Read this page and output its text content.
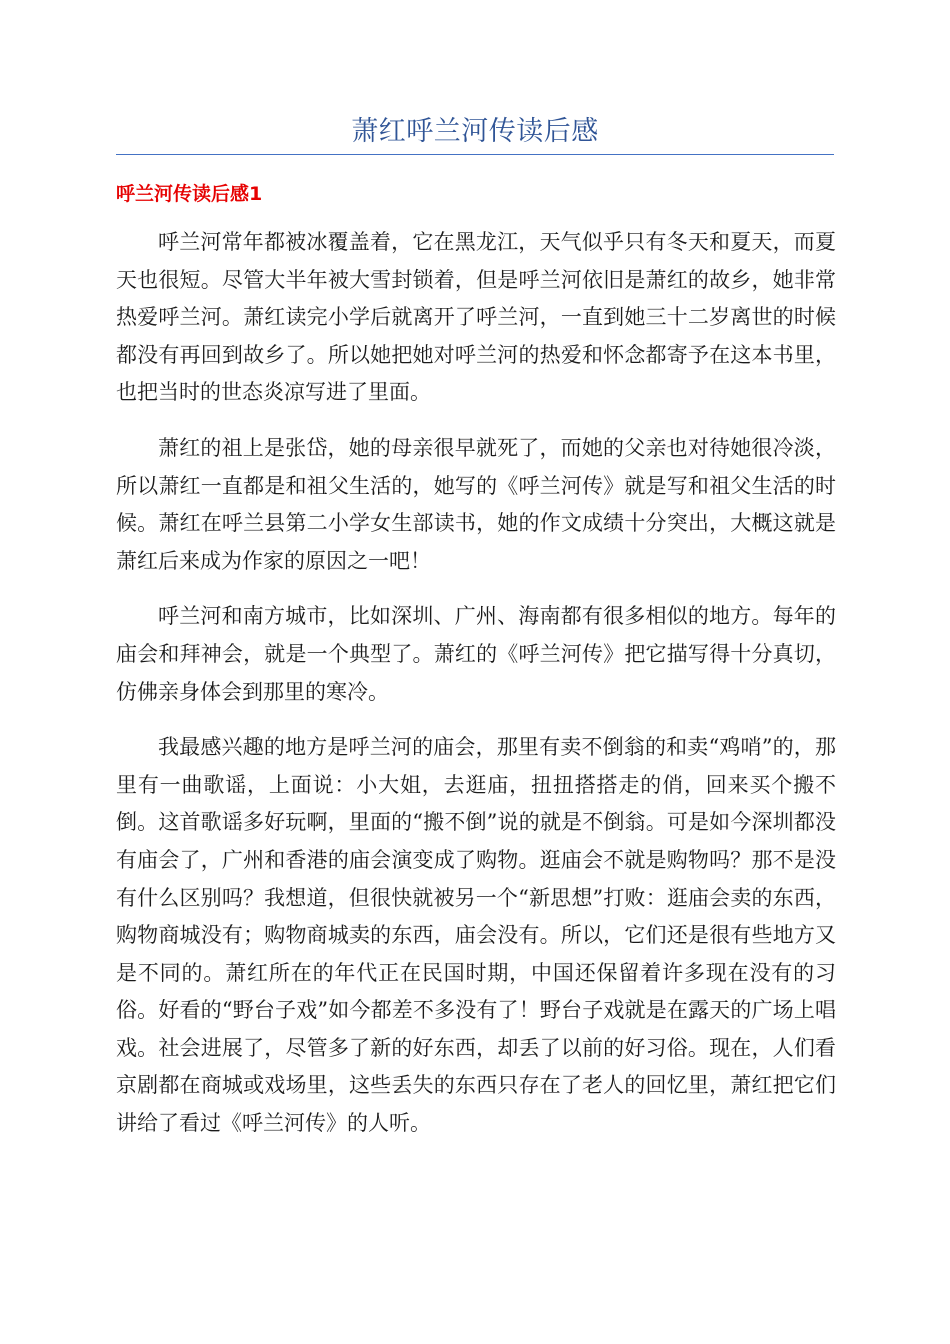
萧红呼兰河传读后感
呼兰河传读后感1

呼兰河常年都被冰覆盖着，它在黑龙江，天气似乎只有冬天和夏天，而夏天也很短。尽管大半年被大雪封锁着，但是呼兰河依旧是萧红的故乡，她非常热爱呼兰河。萧红读完小学后就离开了呼兰河，一直到她三十二岁离世的时候都没有再回到故乡了。所以她把她对呼兰河的热爱和怀念都寄予在这本书里，也把当时的世态炎凉写进了里面。

萧红的祖上是张岱，她的母亲很早就死了，而她的父亲也对待她很冷淡，所以萧红一直都是和祖父生活的，她写的《呼兰河传》就是写和祖父生活的时候。萧红在呼兰县第二小学女生部读书，她的作文成绩十分突出，大概这就是萧红后来成为作家的原因之一吧！

呼兰河和南方城市，比如深圳、广州、海南都有很多相似的地方。每年的庙会和拜神会，就是一个典型了。萧红的《呼兰河传》把它描写得十分真切，仿佛亲身体会到那里的寒冷。

我最感兴趣的地方是呼兰河的庙会，那里有卖不倒翁的和卖“鸡哨”的，那里有一曲歌谣，上面说：小大姐，去逛庙，扭扭搭搭走的俏，回来买个搬不倒。这首歌谣多好玩啊，里面的“搬不倒”说的就是不倒翁。可是如今深圳都没有庙会了，广州和香港的庙会演变成了购物。逛庙会不就是购物吗？那不是没有什么区别吗？我想道，但很快就被另一个“新思想”打败：逛庙会卖的东西，购物商城没有；购物商城卖的东西，庙会没有。所以，它们还是很有些地方又是不同的。萧红所在的年代正在民国时期，中国还保留着许多现在没有的习俗。好看的“野台子戏”如今都差不多没有了！野台子戏就是在露天的广场上唱戏。社会进展了，尽管多了新的好东西，却丢了以前的好习俗。现在，人们看京剧都在商城或戏场里，这些丢失的东西只存在了老人的回忆里，萧红把它们讲给了看过《呼兰河传》的人听。
